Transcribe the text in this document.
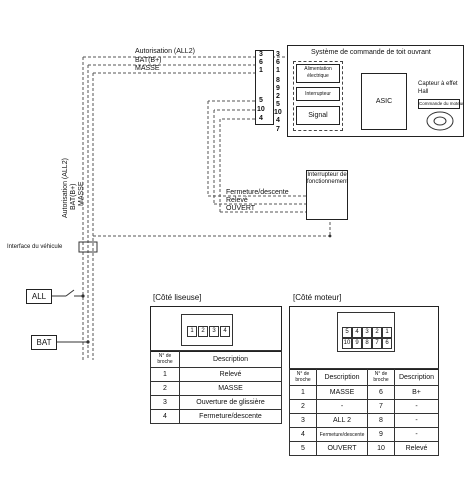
Autorisation (ALL2)
BAT(B+)
MASSE
3
6
1
3
6
1
8
9
2
5
10
4
7
5
10
4
Système de commande de toit ouvrant
Alimentation électrique
Interrupteur
Signal
ASIC
Capteur à effet Hall
Commande du moteur
Fermeture/descente
Relevé
OUVERT
Interrupteur de fonctionnement
Autorisation (ALL2) BAT(B+) MASSE
Interface du véhicule
ALL
BAT
[Côté liseuse]
1	2	3	4
N° de broche	Description
1	Relevé
2	MASSE
3	Ouverture de glissière
4	Fermeture/descente
[Côté moteur]
5	4	3	2	1
10 9	8	7	6
N° de broche	Description	N° de broche	Description
1	MASSE	6	B+
2	-	7	-
3	ALL 2	8	-
4	Fermeture/descente	9	-
5	OUVERT	10	Relevé
